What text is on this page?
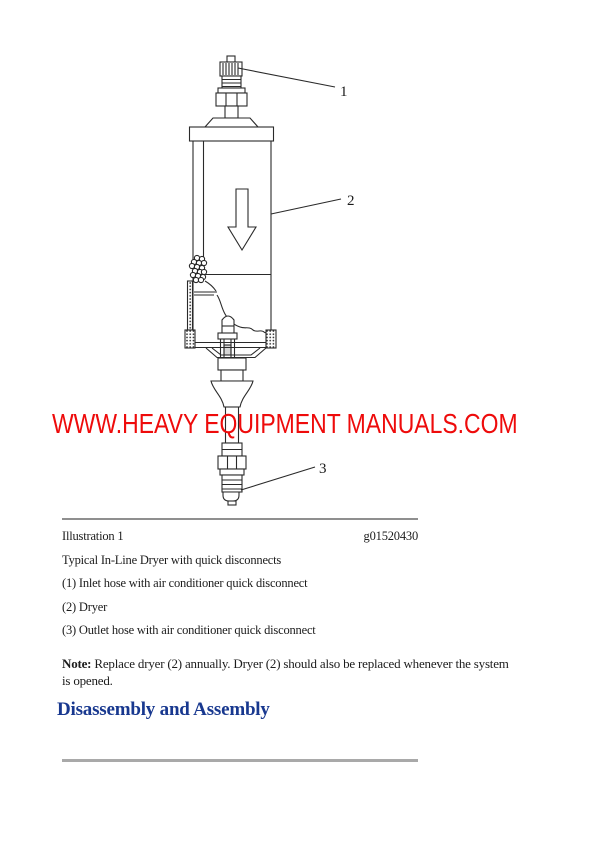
1
2
3
WWW.HEAVY EQUIPMENT MANUALS.COM
Illustration 1	g01520430
Typical In-Line Dryer with quick disconnects
(1) Inlet hose with air conditioner quick disconnect
(2) Dryer
(3) Outlet hose with air conditioner quick disconnect
Note: Replace dryer (2) annually. Dryer (2) should also be replaced whenever the system is opened.
Disassembly and Assembly
